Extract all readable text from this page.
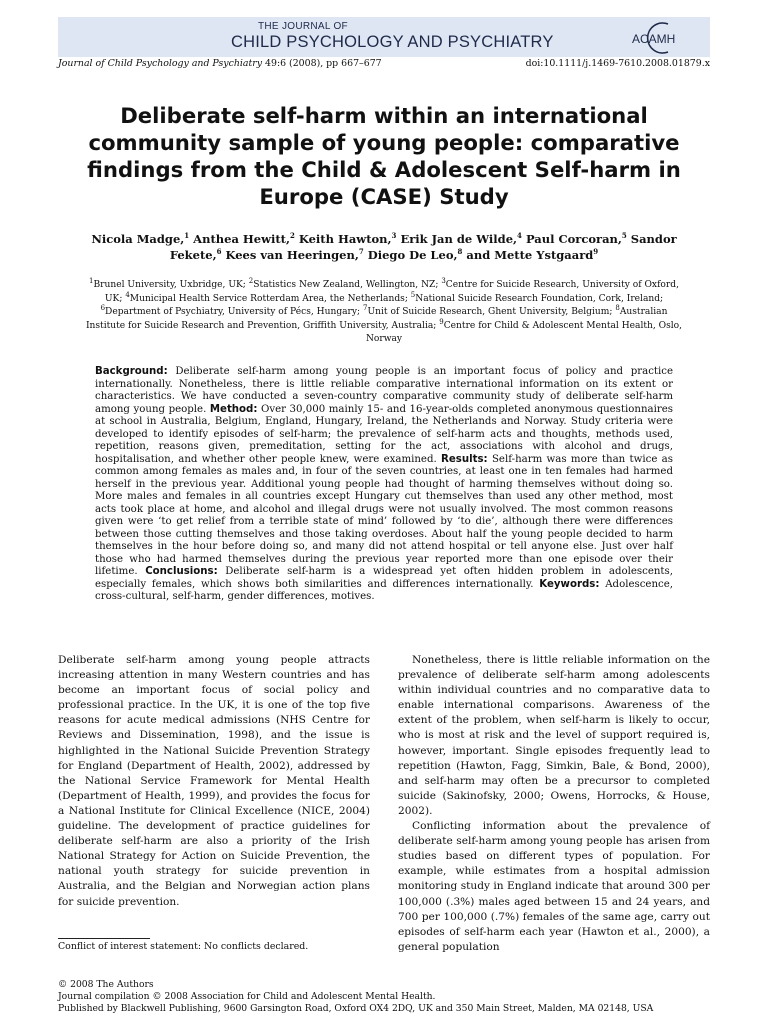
THE JOURNAL OF
CHILD PSYCHOLOGY AND PSYCHIATRY	ACAMH
Journal of Child Psychology and Psychiatry 49:6 (2008), pp 667–677	doi:10.1111/j.1469-7610.2008.01879.x
Deliberate self-harm within an international community sample of young people: comparative findings from the Child & Adolescent Self-harm in Europe (CASE) Study
Nicola Madge,$^1$ Anthea Hewitt,$^2$ Keith Hawton,$^3$ Erik Jan de Wilde,$^4$ Paul Corcoran,$^5$ Sandor Fekete,$^6$ Kees van Heeringen,$^7$ Diego De Leo,$^8$ and Mette Ystgaard$^9$
$^1$Brunel University, Uxbridge, UK; $^2$Statistics New Zealand, Wellington, NZ; $^3$Centre for Suicide Research, University of Oxford, UK; $^4$Municipal Health Service Rotterdam Area, the Netherlands; $^5$National Suicide Research Foundation, Cork, Ireland; $^6$Department of Psychiatry, University of Pécs, Hungary; $^7$Unit of Suicide Research, Ghent University, Belgium; $^8$Australian Institute for Suicide Research and Prevention, Griffith University, Australia; $^9$Centre for Child & Adolescent Mental Health, Oslo, Norway
Background: Deliberate self-harm among young people is an important focus of policy and practice internationally. Nonetheless, there is little reliable comparative international information on its extent or characteristics. We have conducted a seven-country comparative community study of deliberate self-harm among young people. Method: Over 30,000 mainly 15- and 16-year-olds completed anonymous questionnaires at school in Australia, Belgium, England, Hungary, Ireland, the Netherlands and Norway. Study criteria were developed to identify episodes of self-harm; the prevalence of self-harm acts and thoughts, methods used, repetition, reasons given, premeditation, setting for the act, associations with alcohol and drugs, hospitalisation, and whether other people knew, were examined. Results: Self-harm was more than twice as common among females as males and, in four of the seven countries, at least one in ten females had harmed herself in the previous year. Additional young people had thought of harming themselves without doing so. More males and females in all countries except Hungary cut themselves than used any other method, most acts took place at home, and alcohol and illegal drugs were not usually involved. The most common reasons given were ‘to get relief from a terrible state of mind’ followed by ‘to die’, although there were differences between those cutting themselves and those taking overdoses. About half the young people decided to harm themselves in the hour before doing so, and many did not attend hospital or tell anyone else. Just over half those who had harmed themselves during the previous year reported more than one episode over their lifetime. Conclusions: Deliberate self-harm is a widespread yet often hidden problem in adolescents, especially females, which shows both similarities and differences internationally. Keywords: Adolescence, cross-cultural, self-harm, gender differences, motives.

Deliberate self-harm among young people attracts increasing attention in many Western countries and has become an important focus of social policy and professional practice. In the UK, it is one of the top five reasons for acute medical admissions (NHS Centre for Reviews and Dissemination, 1998), and the issue is highlighted in the National Suicide Prevention Strategy for England (Department of Health, 2002), addressed by the National Service Framework for Mental Health (Department of Health, 1999), and provides the focus for a National Institute for Clinical Excellence (NICE, 2004) guideline. The development of practice guidelines for deliberate self-harm are also a priority of the Irish National Strategy for Action on Suicide Prevention, the national youth strategy for suicide prevention in Australia, and the Belgian and Norwegian action plans for suicide prevention.

Nonetheless, there is little reliable information on the prevalence of deliberate self-harm among adolescents within individual countries and no comparative data to enable international comparisons. Awareness of the extent of the problem, when self-harm is likely to occur, who is most at risk and the level of support required is, however, important. Single episodes frequently lead to repetition (Hawton, Fagg, Simkin, Bale, & Bond, 2000), and self-harm may often be a precursor to completed suicide (Sakinofsky, 2000; Owens, Horrocks, & House, 2002).

Conflicting information about the prevalence of deliberate self-harm among young people has arisen from studies based on different types of population. For example, while estimates from a hospital admission monitoring study in England indicate that around 300 per 100,000 (.3%) males aged between 15 and 24 years, and 700 per 100,000 (.7%) females of the same age, carry out episodes of self-harm each year (Hawton et al., 2000), a general population

Conflict of interest statement: No conflicts declared.
© 2008 The Authors
Journal compilation © 2008 Association for Child and Adolescent Mental Health.
Published by Blackwell Publishing, 9600 Garsington Road, Oxford OX4 2DQ, UK and 350 Main Street, Malden, MA 02148, USA
